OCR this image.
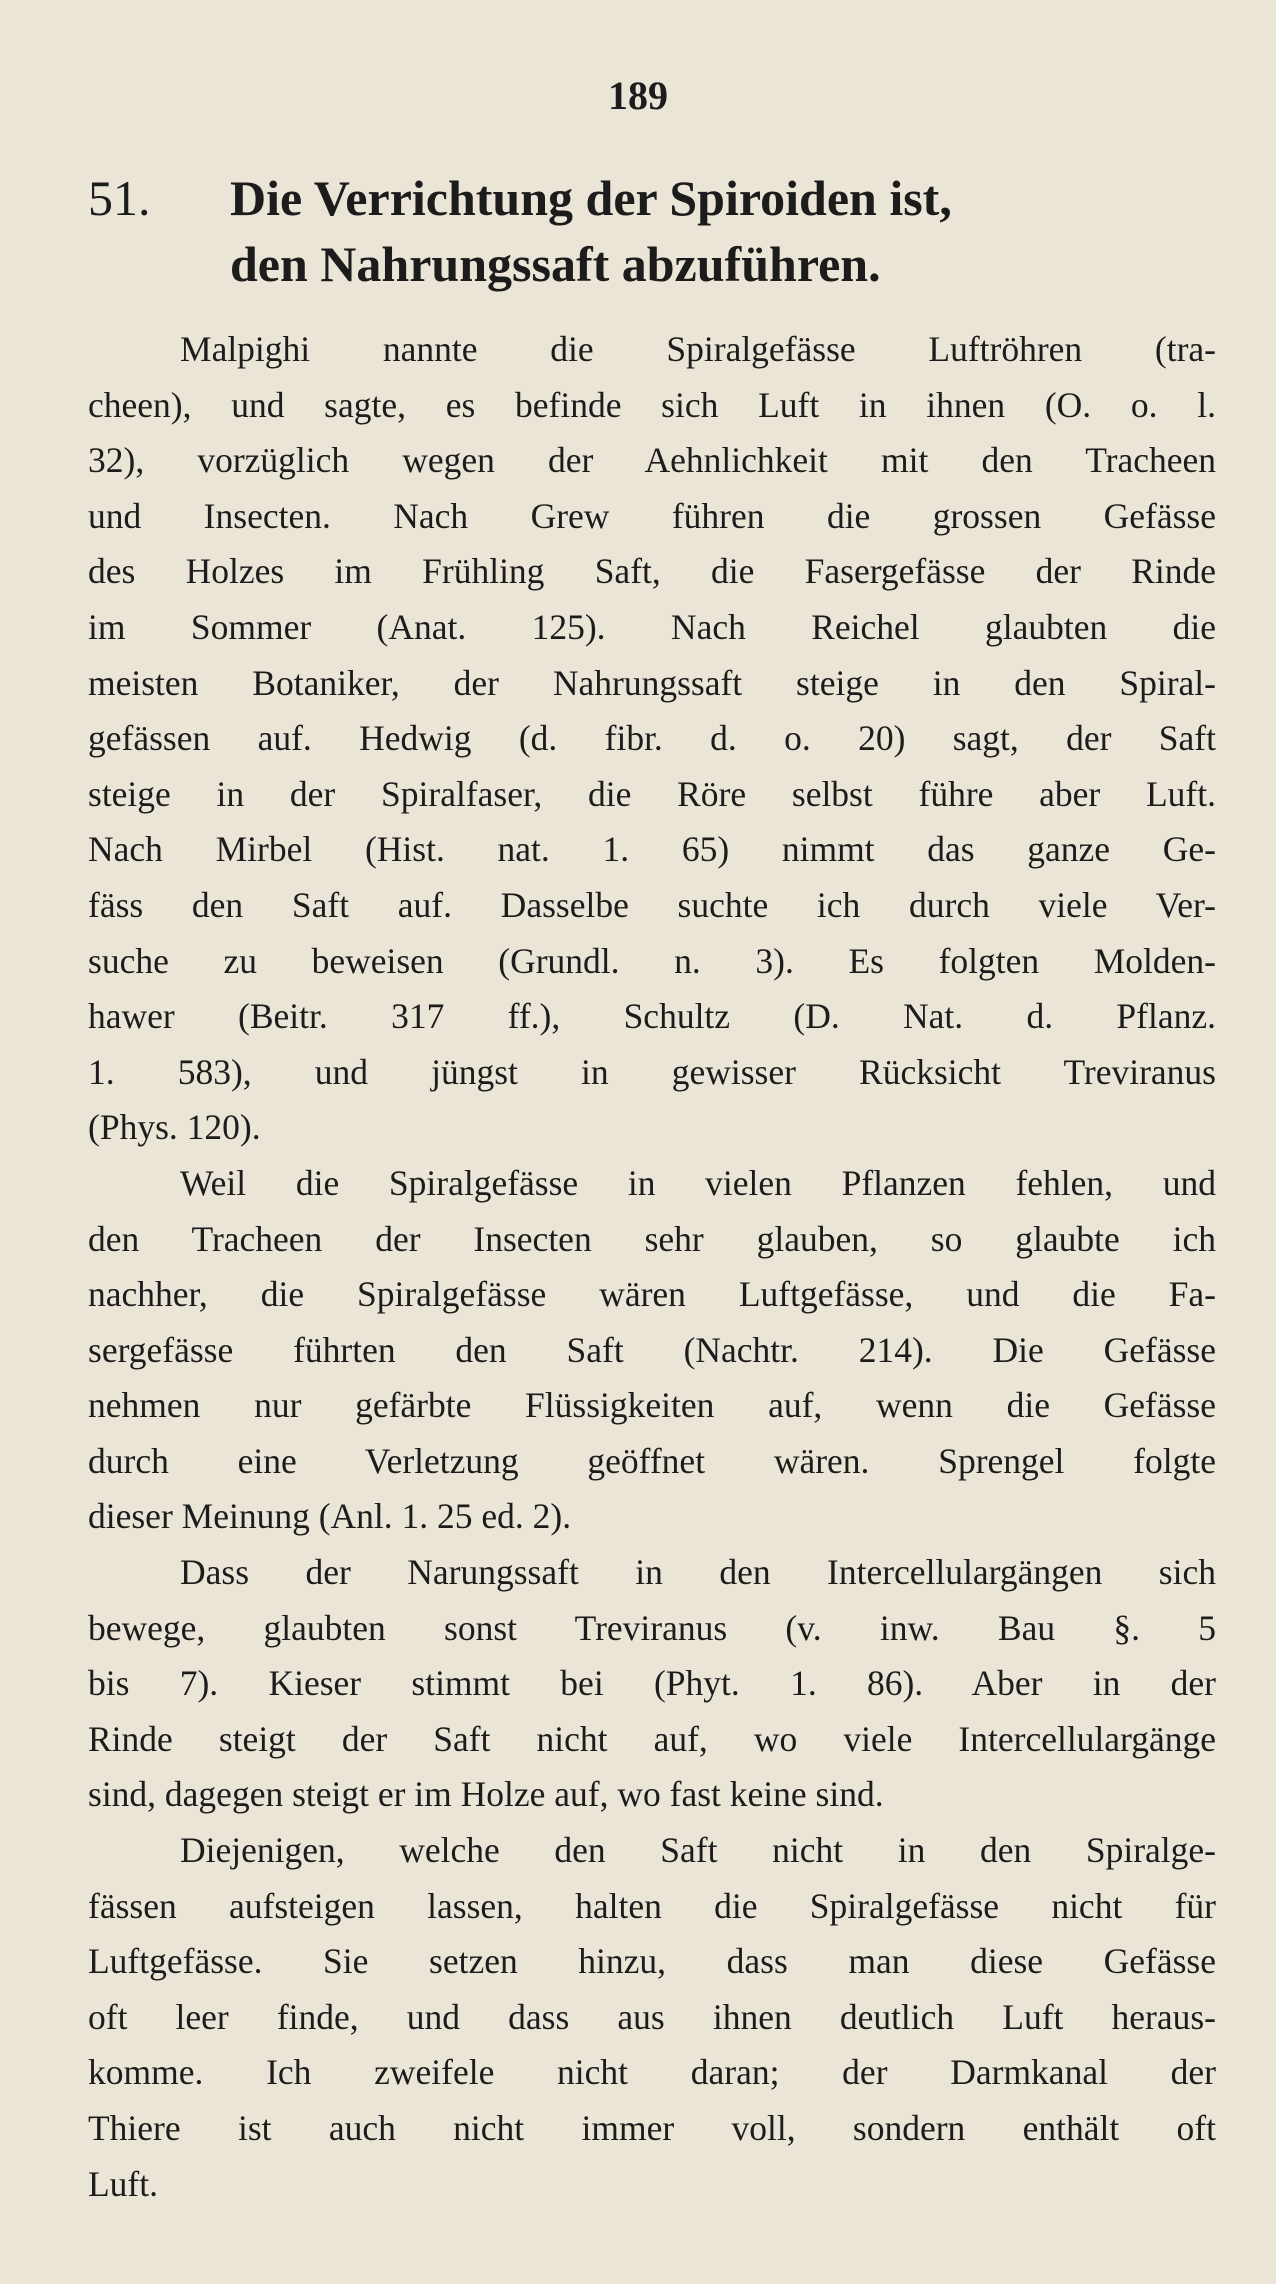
189
51. Die Verrichtung der Spiroiden ist,
den Nahrungssaft abzuführen.

Malpighi nannte die Spiralgefässe Luftröhren (tra-

cheen), und sagte, es befinde sich Luft in ihnen (O. o. l.

32), vorzüglich wegen der Aehnlichkeit mit den Tracheen

und Insecten. Nach Grew führen die grossen Gefässe

des Holzes im Frühling Saft, die Fasergefässe der Rinde

im Sommer (Anat. 125). Nach Reichel glaubten die

meisten Botaniker, der Nahrungssaft steige in den Spiral-

gefässen auf. Hedwig (d. fibr. d. o. 20) sagt, der Saft

steige in der Spiralfaser, die Röre selbst führe aber Luft.

Nach Mirbel (Hist. nat. 1. 65) nimmt das ganze Ge-

fäss den Saft auf. Dasselbe suchte ich durch viele Ver-

suche zu beweisen (Grundl. n. 3). Es folgten Molden-

hawer (Beitr. 317 ff.), Schultz (D. Nat. d. Pflanz.

1. 583), und jüngst in gewisser Rücksicht Treviranus

(Phys. 120).

Weil die Spiralgefässe in vielen Pflanzen fehlen, und

den Tracheen der Insecten sehr glauben, so glaubte ich

nachher, die Spiralgefässe wären Luftgefässe, und die Fa-

sergefässe führten den Saft (Nachtr. 214). Die Gefässe

nehmen nur gefärbte Flüssigkeiten auf, wenn die Gefässe

durch eine Verletzung geöffnet wären. Sprengel folgte

dieser Meinung (Anl. 1. 25 ed. 2).

Dass der Narungssaft in den Intercellulargängen sich

bewege, glaubten sonst Treviranus (v. inw. Bau §. 5

bis 7). Kieser stimmt bei (Phyt. 1. 86). Aber in der

Rinde steigt der Saft nicht auf, wo viele Intercellulargänge

sind, dagegen steigt er im Holze auf, wo fast keine sind.

Diejenigen, welche den Saft nicht in den Spiralge-

fässen aufsteigen lassen, halten die Spiralgefässe nicht für

Luftgefässe. Sie setzen hinzu, dass man diese Gefässe

oft leer finde, und dass aus ihnen deutlich Luft heraus-

komme. Ich zweifele nicht daran; der Darmkanal der

Thiere ist auch nicht immer voll, sondern enthält oft

Luft.
